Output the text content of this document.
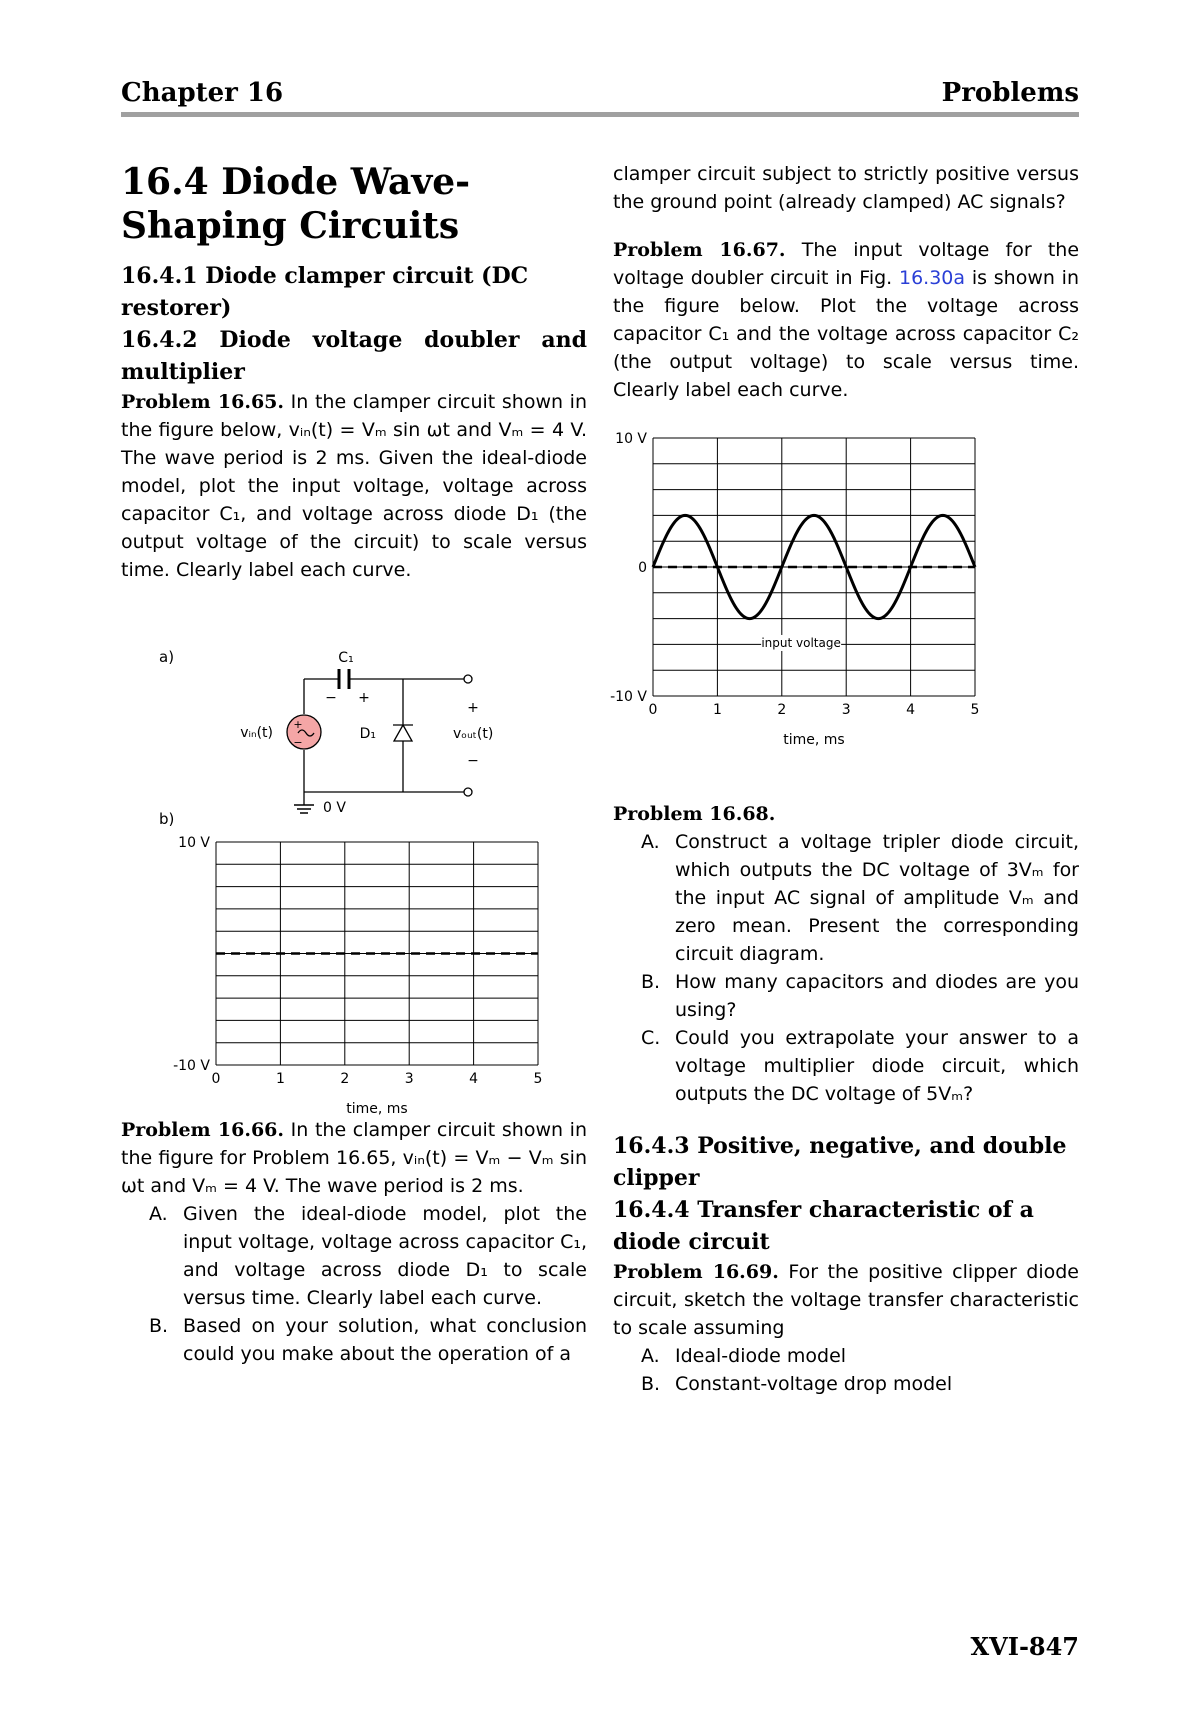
Chapter 16	Problems
16.4 Diode Wave-Shaping Circuits
16.4.1 Diode clamper circuit (DC restorer)
16.4.2 Diode voltage doubler and multiplier

Problem 16.65. In the clamper circuit shown in the figure below, vᵢₙ(t) = Vₘ sin ωt and Vₘ = 4 V. The wave period is 2 ms. Given the ideal-diode model, plot the input voltage, voltage across capacitor C₁, and voltage across diode D₁ (the output voltage of the circuit) to scale versus time. Clearly label each curve.

a)	C₁
− +
+
−
vᵢₙ(t)	D₁
+
−
vₒᵤₜ(t)
0 V
b)
0	1	2	3	4	5
10 V
-10 V
time, ms

Problem 16.66. In the clamper circuit shown in the figure for Problem 16.65, vᵢₙ(t) = Vₘ − Vₘ sin ωt and Vₘ = 4 V. The wave period is 2 ms.

A. Given the ideal-diode model, plot the input voltage, voltage across capacitor C₁, and voltage across diode D₁ to scale versus time. Clearly label each curve.
B. Based on your solution, what conclusion could you make about the operation of a

clamper circuit subject to strictly positive versus the ground point (already clamped) AC signals?

Problem 16.67. The input voltage for the voltage doubler circuit in Fig. 16.30a is shown in the figure below. Plot the voltage across capacitor C₁ and the voltage across capacitor C₂ (the output voltage) to scale versus time. Clearly label each curve.

0	1	2	3	4	5
10 V
0
-10 V
time, ms
input voltage

Problem 16.68.

A. Construct a voltage tripler diode circuit, which outputs the DC voltage of 3Vₘ for the input AC signal of amplitude Vₘ and zero mean. Present the corresponding circuit diagram.
B. How many capacitors and diodes are you using?
C. Could you extrapolate your answer to a voltage multiplier diode circuit, which outputs the DC voltage of 5Vₘ?
16.4.3 Positive, negative, and double clipper
16.4.4 Transfer characteristic of a diode circuit

Problem 16.69. For the positive clipper diode circuit, sketch the voltage transfer characteristic to scale assuming

A. Ideal-diode model
B. Constant-voltage drop model
XVI-847
